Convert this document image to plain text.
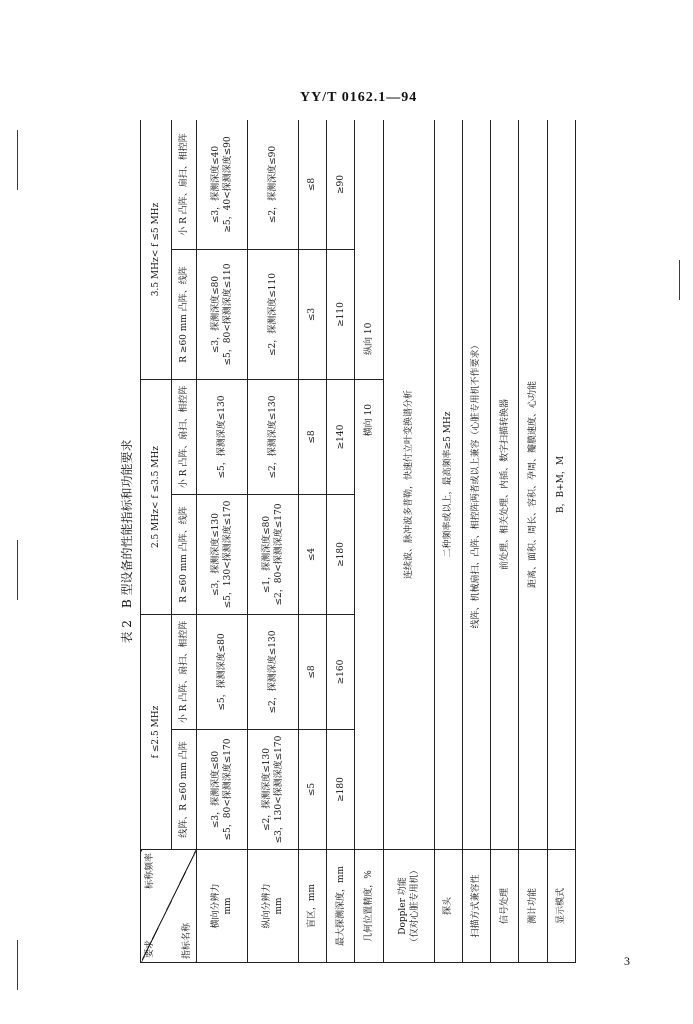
YY/T 0162.1—94
表 2　B 型设备的性能指标和功能要求
要求
标称频率
指标名称	f ≤2.5 MHz		2.5 MHz< f ≤3.5 MHz		3.5 MHz< f ≤5 MHz	
	线阵、R ≥60 mm 凸阵	小 R 凸阵、扇扫、相控阵	R ≥60 mm 凸阵、线阵	小 R 凸阵、扇扫、相控阵	R ≥60 mm 凸阵、线阵	小 R 凸阵、扇扫、相控阵

横向分辨力 mm	≤3，探测深度≤80 ≤5，80<探测深度≤170	≤5，探测深度≤80	≤3，探测深度≤130 ≤5，130<探测深度≤170	≤5，探测深度≤130	≤3，探测深度≤80 ≤5，80<探测深度≤110	≤3，探测深度≤40 ≥5，40<探测深度≤90

纵向分辨力 mm	≤2，探测深度≤130 ≤3，130<探测深度≤170	≤2，探测深度≤130	≤1，探测深度≤80 ≤2，80<探测深度≤170	≤2，探测深度≤130	≤2，探测深度≤110	≤2，探测深度≤90

盲区，mm	≤5	≤8	≤4	≤8	≤3	≤8
最大探测深度，mm	≥180	≥160	≥180	≥140	≥110	≥90
几何位置精度，%	横向 10				纵向 10	

Doppler 功能 （仅对心脏专用机）	连续波、脉冲波多普勒，快速付立叶变换谱分析					
探头	二种频率或以上，最高频率≥5 MHz					
扫描方式兼容性	线阵、机械扇扫、凸阵、相控阵两者或以上兼容（心脏专用机不作要求）					
信号处理	前处理、相关处理、内插、数字扫描转换器					
测计功能	距离、面积、周长、容积、孕周、瓣膜速度、心功能					
显示模式	B，B+M，M					
3
